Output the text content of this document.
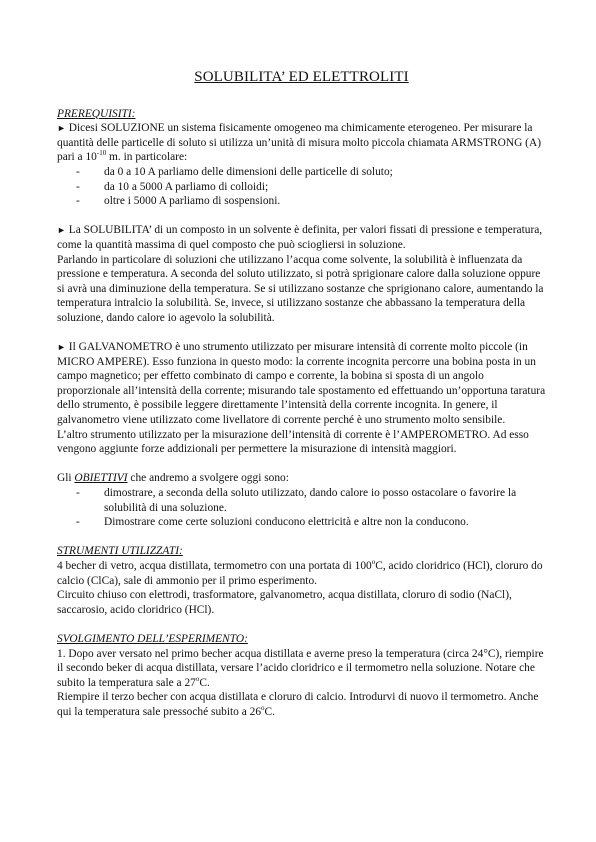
SOLUBILITA’ ED ELETTROLITI

PREREQUISITI:

► Dicesi SOLUZIONE un sistema fisicamente omogeneo ma chimicamente eterogeneo. Per misurare la quantità delle particelle di soluto si utilizza un’unità di misura molto piccola chiamata ARMSTRONG (A) pari a $10^{-10}$ m. in particolare:

- da 0 a 10 A parliamo delle dimensioni delle particelle di soluto;
- da 10 a 5000 A parliamo di colloidi;
- oltre i 5000 A parliamo di sospensioni.

► La SOLUBILITA’ di un composto in un solvente è definita, per valori fissati di pressione e temperatura, come la quantità massima di quel composto che può sciogliersi in soluzione.

Parlando in particolare di soluzioni che utilizzano l’acqua come solvente, la solubilità è influenzata da pressione e temperatura. A seconda del soluto utilizzato, si potrà sprigionare calore dalla soluzione oppure si avrà una diminuzione della temperatura. Se si utilizzano sostanze che sprigionano calore, aumentando la temperatura intralcio la solubilità. Se, invece, si utilizzano sostanze che abbassano la temperatura della soluzione, dando calore io agevolo la solubilità.

► Il GALVANOMETRO è uno strumento utilizzato per misurare intensità di corrente molto piccole (in MICRO AMPERE). Esso funziona in questo modo: la corrente incognita percorre una bobina posta in un campo magnetico; per effetto combinato di campo e corrente, la bobina si sposta di un angolo proporzionale all’intensità della corrente; misurando tale spostamento ed effettuando un’opportuna taratura dello strumento, è possibile leggere direttamente l’intensità della corrente incognita. In genere, il galvanometro viene utilizzato come livellatore di corrente perché è uno strumento molto sensibile.

L’altro strumento utilizzato per la misurazione dell’intensità di corrente è l’AMPEROMETRO. Ad esso vengono aggiunte forze addizionali per permettere la misurazione di intensità maggiori.

Gli OBIETTIVI che andremo a svolgere oggi sono:

- dimostrare, a seconda della soluto utilizzato, dando calore io posso ostacolare o favorire la solubilità di una soluzione.
- Dimostrare come certe soluzioni conducono elettricità e altre non la conducono.

STRUMENTI UTILIZZATI:

4 becher di vetro, acqua distillata, termometro con una portata di 100$^o$C, acido cloridrico (HCl), cloruro do calcio (ClCa), sale di ammonio per il primo esperimento.

Circuito chiuso con elettrodi, trasformatore, galvanometro, acqua distillata, cloruro di sodio (NaCl), saccarosio, acido cloridrico (HCl).

SVOLGIMENTO DELL’ESPERIMENTO:

1. Dopo aver versato nel primo becher acqua distillata e averne preso la temperatura (circa 24°C), riempire il secondo beker di acqua distillata, versare l’acido cloridrico e il termometro nella soluzione. Notare che subito la temperatura sale a 27$^o$C.

Riempire il terzo becher con acqua distillata e cloruro di calcio. Introdurvi di nuovo il termometro. Anche qui la temperatura sale pressoché subito a 26$^o$C.
